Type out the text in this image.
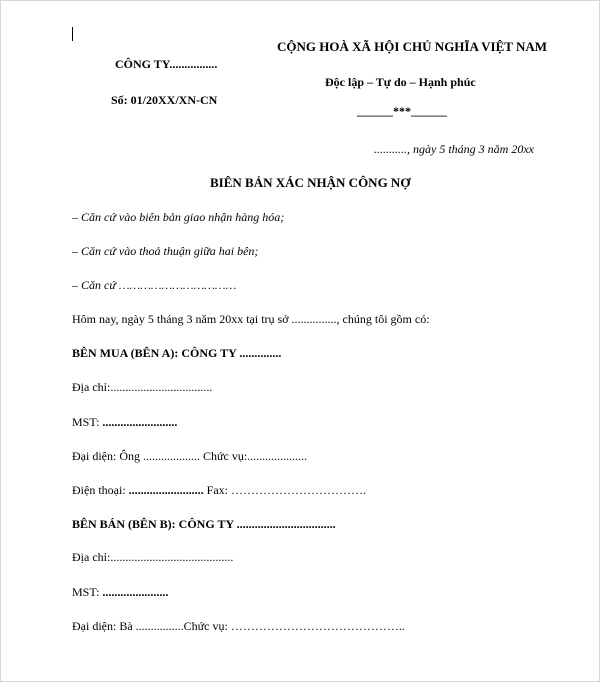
CÔNG TY................
Số: 01/20XX/XN-CN
CỘNG HOÀ XÃ HỘI CHỦ NGHĨA VIỆT NAM
Độc lập – Tự do – Hạnh phúc
______***______
..........., ngày 5 tháng 3 năm 20xx
BIÊN BẢN XÁC NHẬN CÔNG NỢ
– Căn cứ vào biên bản giao nhận hàng hóa;
– Căn cứ vào thoả thuận giữa hai bên;
– Căn cứ ……………………………
Hôm nay, ngày 5 tháng 3 năm 20xx tại trụ sở ..............., chúng tôi gồm có:
BÊN MUA (BÊN A): CÔNG TY ..............
Địa chỉ:..................................
MST: .........................
Đại diện: Ông ................... Chức vụ:....................
Điện thoại: ......................... Fax: …………………………….
BÊN BÁN (BÊN B): CÔNG TY .................................
Địa chỉ:.........................................
MST: ......................
Đại diện: Bà ................Chức vụ: ……………………………………..
